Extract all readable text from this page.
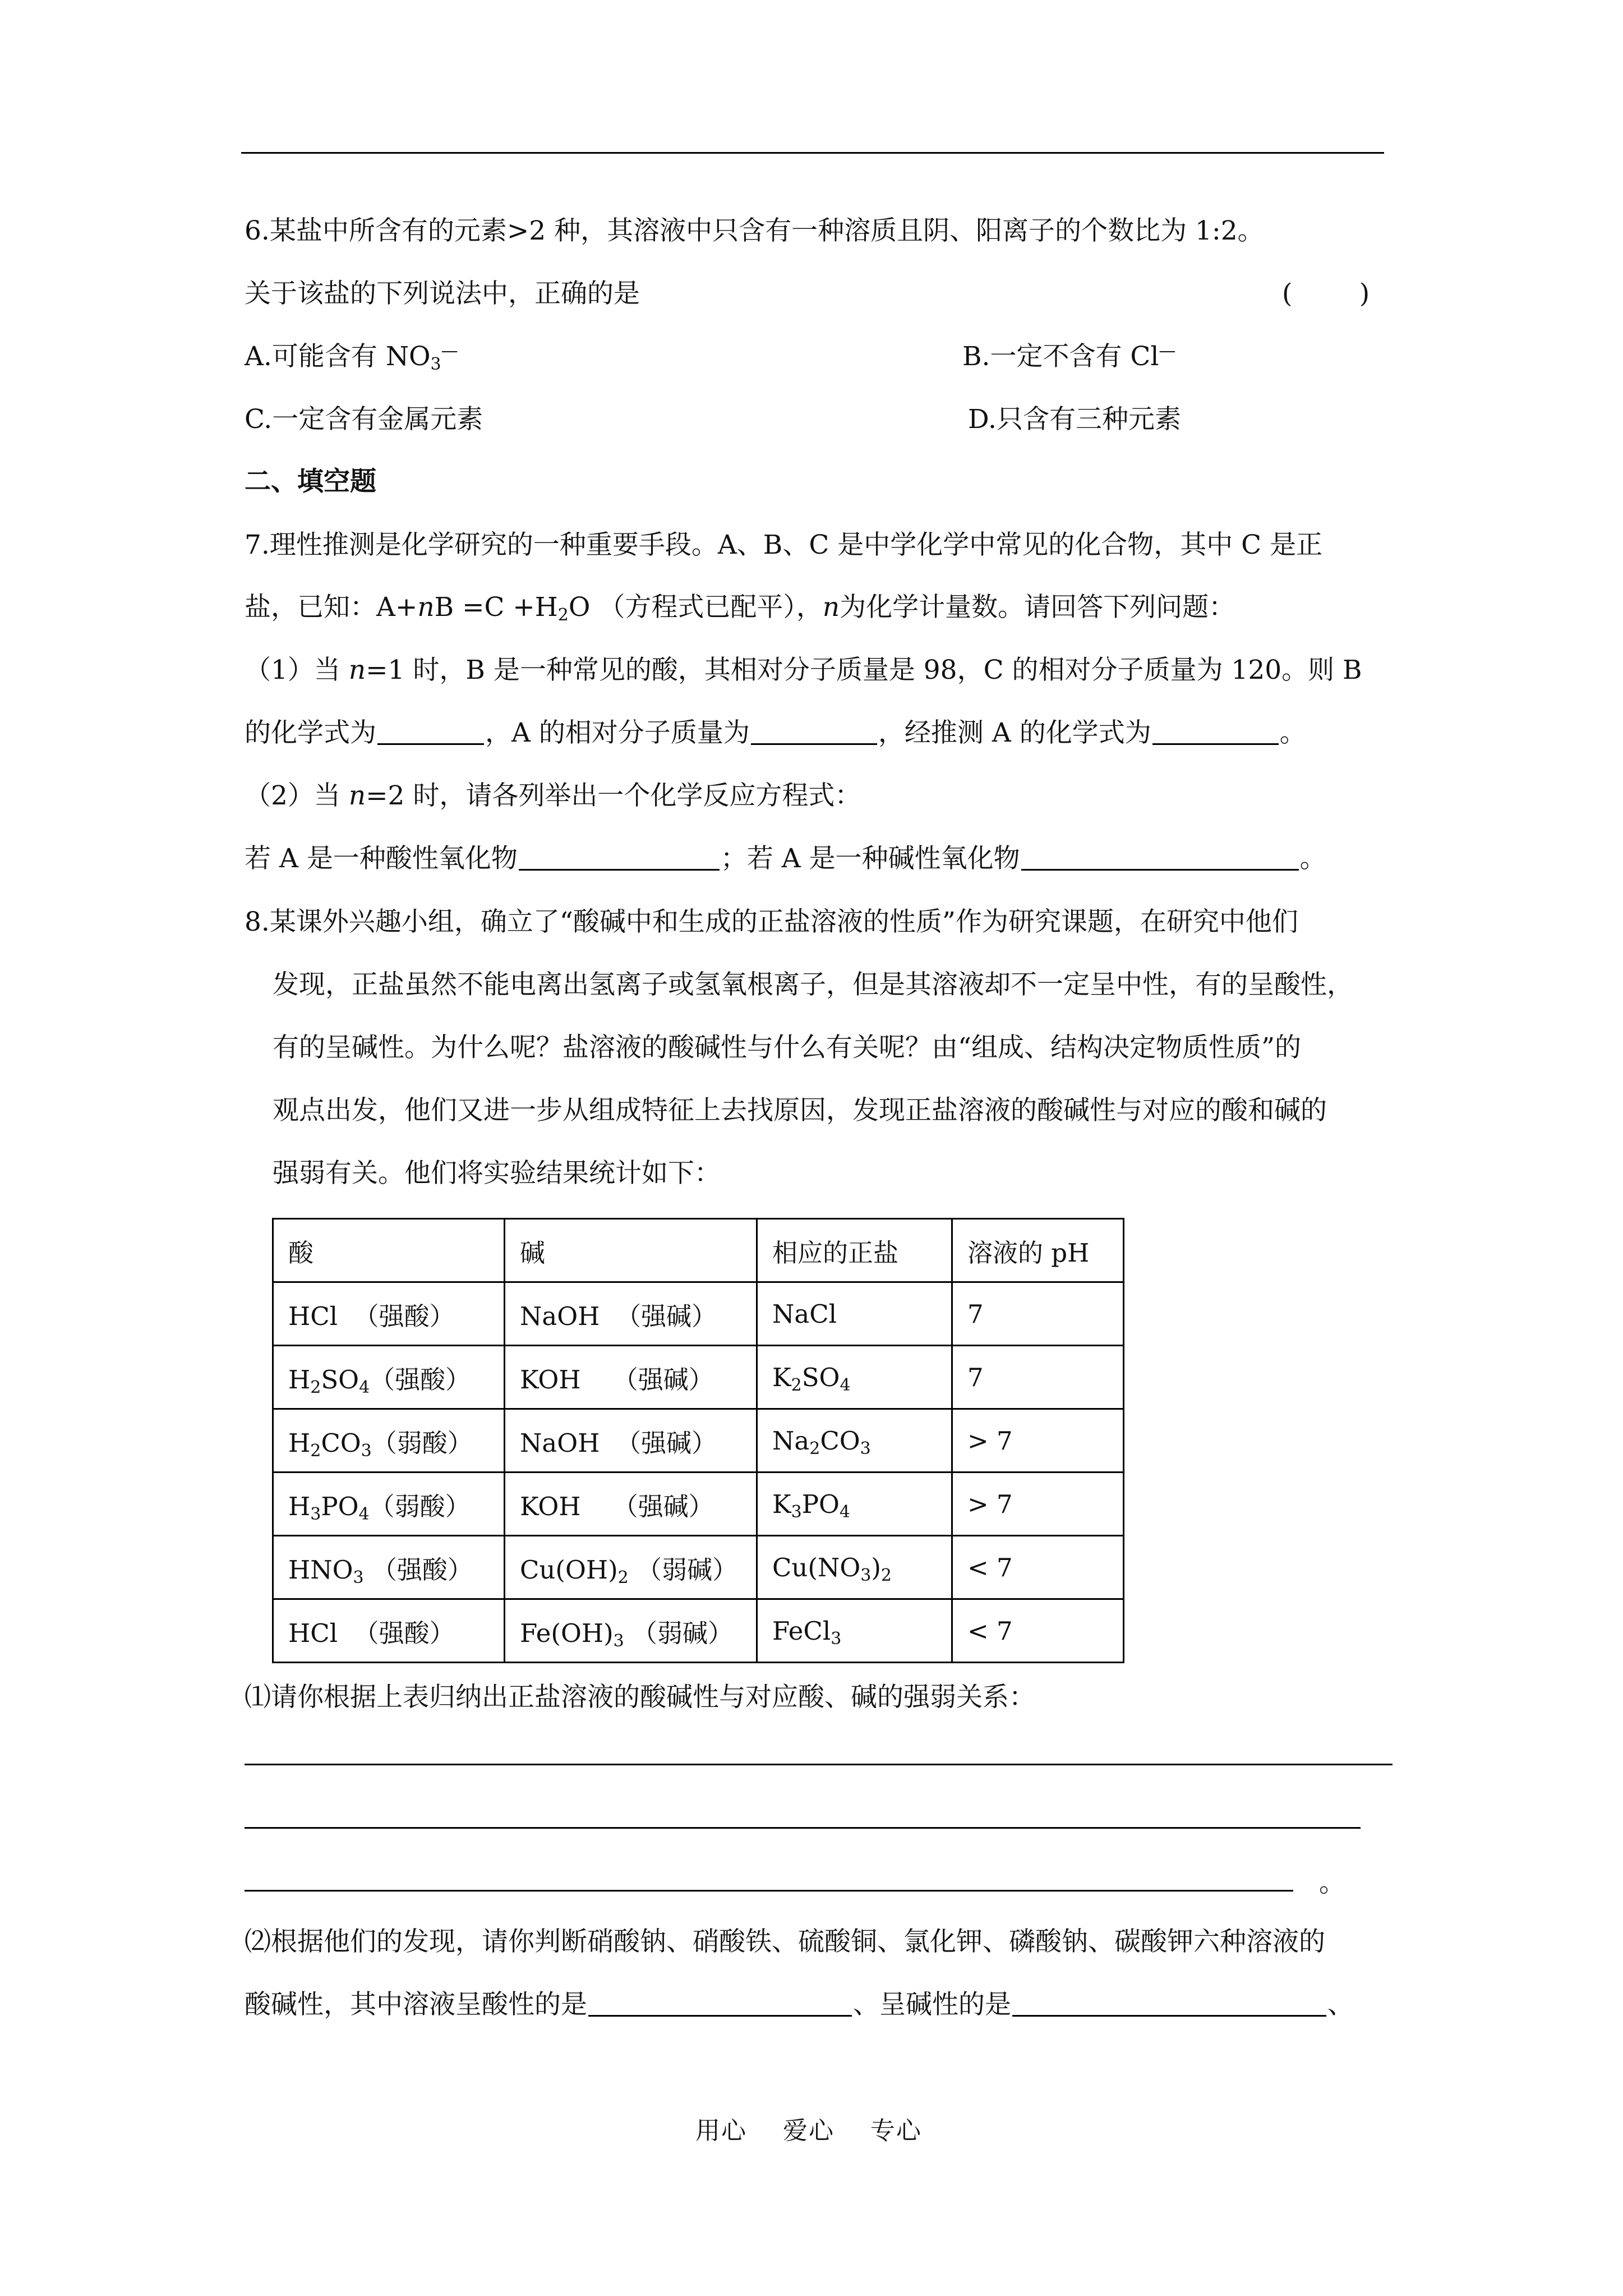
6.某盐中所含有的元素>2 种，其溶液中只含有一种溶质且阴、阳离子的个数比为 1:2。
关于该盐的下列说法中，正确的是	(        )
A.可能含有 $NO_3^—$	B.一定不含有 Cl—
C.一定含有金属元素	D.只含有三种元素
二、填空题
7.理性推测是化学研究的一种重要手段。A、B、C 是中学化学中常见的化合物，其中 C 是正
盐，已知：$A+nB =C +H_2O$ （方程式已配平），n为化学计量数。请回答下列问题：
（1）当 n=1 时，B 是一种常见的酸，其相对分子质量是 98，C 的相对分子质量为 120。则 B
的化学式为	，A 的相对分子质量为	，经推测 A 的化学式为	。
（2）当 n=2 时，请各列举出一个化学反应方程式：
若 A 是一种酸性氧化物	；若 A 是一种碱性氧化物	。
8.某课外兴趣小组，确立了“酸碱中和生成的正盐溶液的性质”作为研究课题，在研究中他们
发现，正盐虽然不能电离出氢离子或氢氧根离子，但是其溶液却不一定呈中性，有的呈酸性，
有的呈碱性。为什么呢？盐溶液的酸碱性与什么有关呢？由“组成、结构决定物质性质”的
观点出发，他们又进一步从组成特征上去找原因，发现正盐溶液的酸碱性与对应的酸和碱的
强弱有关。他们将实验结果统计如下：
酸	碱	相应的正盐	溶液的 pH
HCl  （强酸）	NaOH  （强碱）	NaCl	7
$H_2SO_4$（强酸）	KOH    （强碱）	$K_2SO_4$	7
$H_2CO_3$（弱酸）	NaOH  （强碱）	$Na_2CO_3$	> 7
$H_3PO_4$（弱酸）	KOH    （强碱）	$K_3PO_4$	> 7
$HNO_3$ （强酸）	$Cu(OH)_2$ （弱碱）	$Cu(NO_3)_2$	< 7
HCl  （强酸）	$Fe(OH)_3$ （弱碱）	FeCl$_3$	< 7
⑴请你根据上表归纳出正盐溶液的酸碱性与对应酸、碱的强弱关系：
。
⑵根据他们的发现，请你判断硝酸钠、硝酸铁、硫酸铜、氯化钾、磷酸钠、碳酸钾六种溶液的
酸碱性，其中溶液呈酸性的是	、呈碱性的是	、
用心    爱心    专心
